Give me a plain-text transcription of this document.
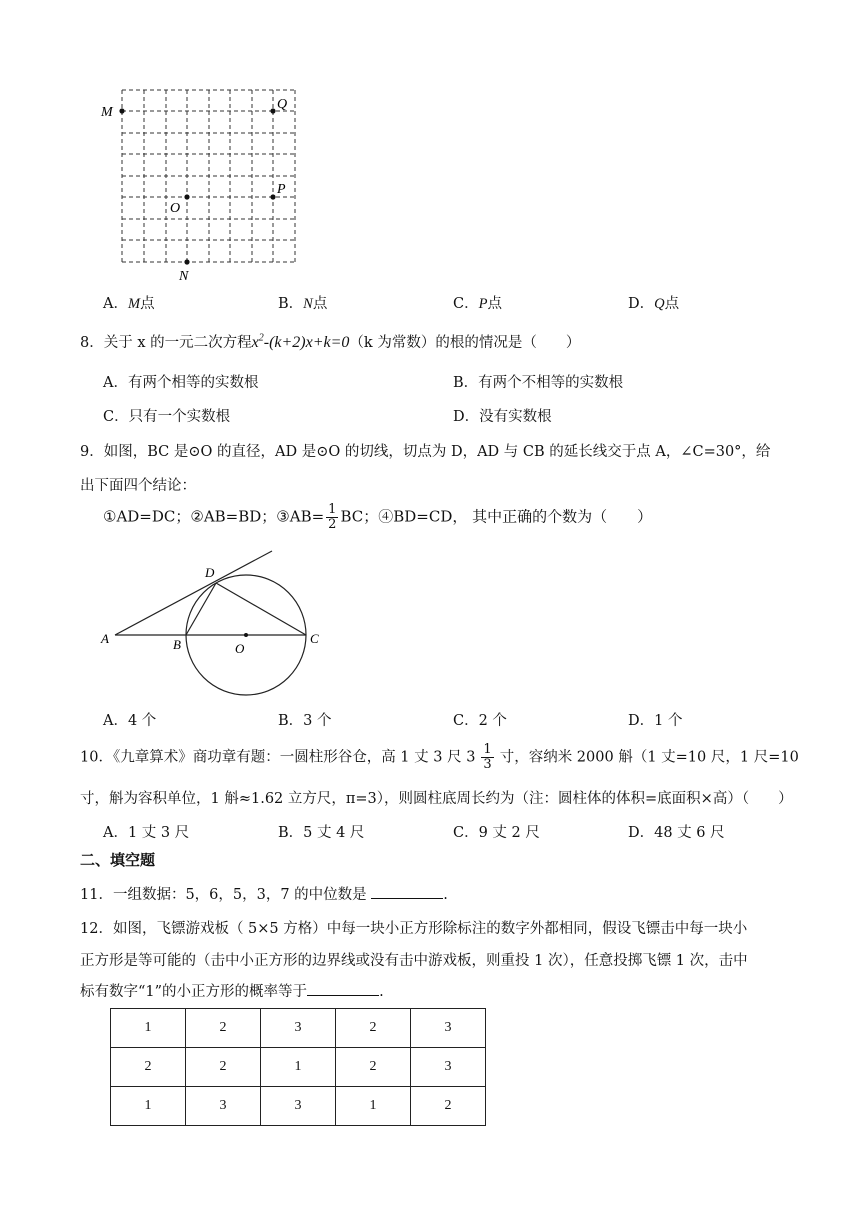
M
Q
O
P
N
A．M点	B．N点	C．P点	D．Q点
8．关于 x 的一元二次方程$x^2-(k+2)x+k=0(k$ 为常数）的根的情况是（　　）
A．有两个相等的实数根	B．有两个不相等的实数根
C．只有一个实数根	D．没有实数根
9．如图，BC 是⊙O 的直径，AD 是⊙O 的切线，切点为 D，AD 与 CB 的延长线交于点 A，∠C=30°，给
出下面四个结论：
①AD=DC；②AB=BD；③AB= $\frac{1}{2}$ BC；④BD=CD， 其中正确的个数为（　　）
A	B	O
C
D
A．4 个	B．3 个	C．2 个	D．1 个
10．《九章算术》商功章有题：一圆柱形谷仓，高 1 丈 3 尺 $3 \frac{1}{3}$ 寸，容纳米 2000 斛（1 丈=10 尺，1 尺=10
寸，斛为容积单位，1 斛≈1.62 立方尺，π=3），则圆柱底周长约为（注：圆柱体的体积=底面积×高）（　　）
A．1 丈 3 尺	B．5 丈 4 尺	C．9 丈 2 尺	D．48 丈 6 尺
二、填空题
11．一组数据：5，6，5，3，7 的中位数是	.
12．如图，飞镖游戏板（ 5×5 方格）中每一块小正方形除标注的数字外都相同，假设飞镖击中每一块小
正方形是等可能的（击中小正方形的边界线或没有击中游戏板，则重投 1 次），任意投掷飞镖 1 次，击中
标有数字“1”的小正方形的概率等于	.
1	2	3	2	3
2	2	1	2	3
1	3	3	1	2
